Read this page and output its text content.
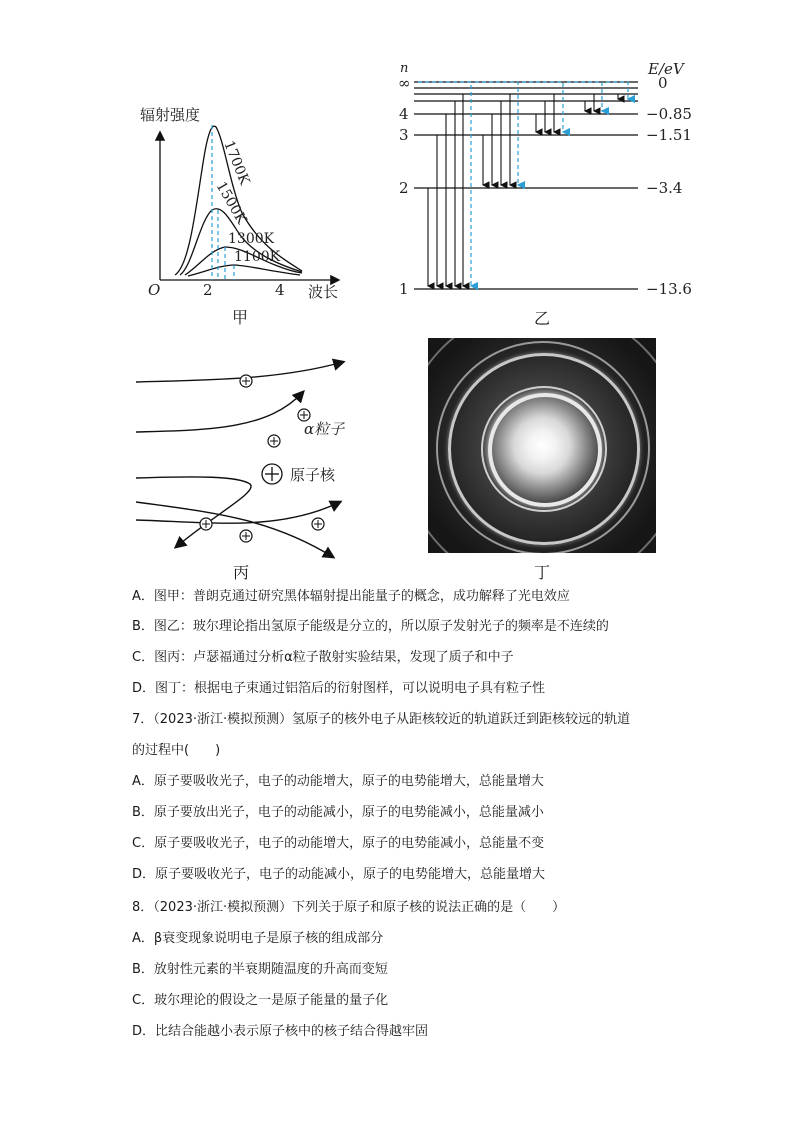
辐射强度
O	2	4 波长
1700K
1500K
1300K
1100K
甲
n	E/eV
∞
4
3
2
1
0
−0.85
−1.51
−3.4
−13.6
乙
α粒子
原子核
丙	丁
A．图甲：普朗克通过研究黑体辐射提出能量子的概念，成功解释了光电效应
B．图乙：玻尔理论指出氢原子能级是分立的，所以原子发射光子的频率是不连续的
C．图丙：卢瑟福通过分析α粒子散射实验结果，发现了质子和中子
D．图丁：根据电子束通过铝箔后的衍射图样，可以说明电子具有粒子性
7．（2023·浙江·模拟预测）氢原子的核外电子从距核较近的轨道跃迁到距核较远的轨道
的过程中(　　)
A．原子要吸收光子，电子的动能增大，原子的电势能增大，总能量增大
B．原子要放出光子，电子的动能减小，原子的电势能减小，总能量减小
C．原子要吸收光子，电子的动能增大，原子的电势能减小，总能量不变
D．原子要吸收光子，电子的动能减小，原子的电势能增大，总能量增大
8．（2023·浙江·模拟预测）下列关于原子和原子核的说法正确的是（　　）
A．β衰变现象说明电子是原子核的组成部分
B．放射性元素的半衰期随温度的升高而变短
C．玻尔理论的假设之一是原子能量的量子化
D．比结合能越小表示原子核中的核子结合得越牢固
